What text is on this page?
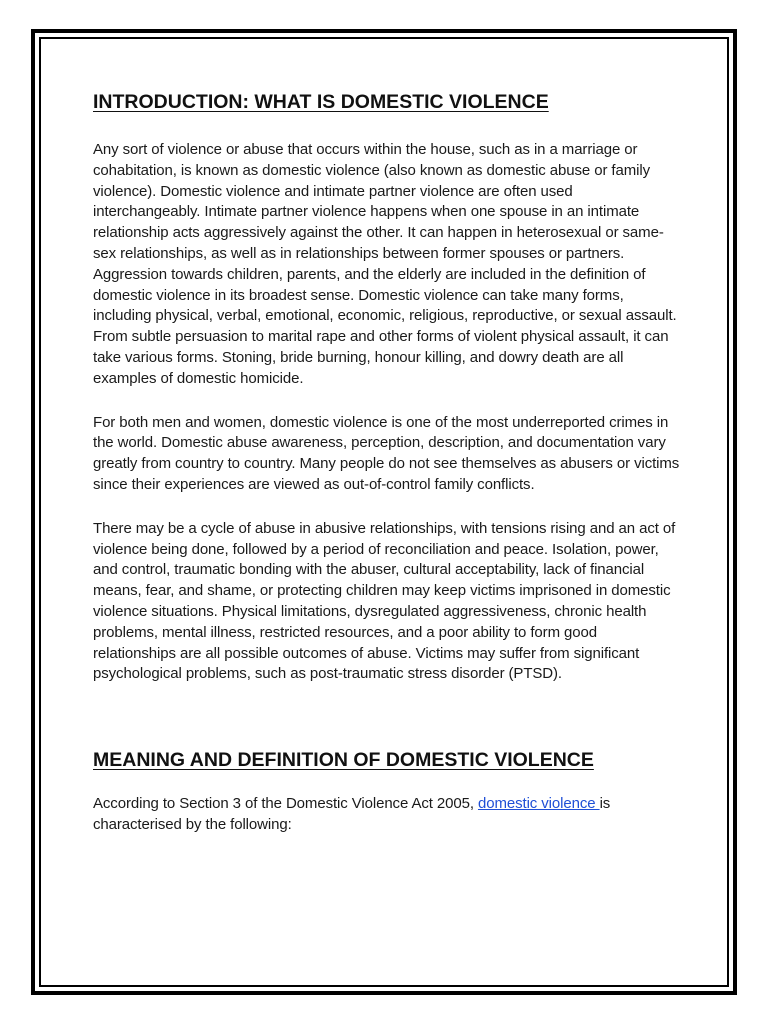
INTRODUCTION: WHAT IS DOMESTIC VIOLENCE

Any sort of violence or abuse that occurs within the house, such as in a marriage or cohabitation, is known as domestic violence (also known as domestic abuse or family violence). Domestic violence and intimate partner violence are often used interchangeably. Intimate partner violence happens when one spouse in an intimate relationship acts aggressively against the other. It can happen in heterosexual or same-sex relationships, as well as in relationships between former spouses or partners. Aggression towards children, parents, and the elderly are included in the definition of domestic violence in its broadest sense. Domestic violence can take many forms, including physical, verbal, emotional, economic, religious, reproductive, or sexual assault. From subtle persuasion to marital rape and other forms of violent physical assault, it can take various forms. Stoning, bride burning, honour killing, and dowry death are all examples of domestic homicide.

For both men and women, domestic violence is one of the most underreported crimes in the world. Domestic abuse awareness, perception, description, and documentation vary greatly from country to country. Many people do not see themselves as abusers or victims since their experiences are viewed as out-of-control family conflicts.

There may be a cycle of abuse in abusive relationships, with tensions rising and an act of violence being done, followed by a period of reconciliation and peace. Isolation, power, and control, traumatic bonding with the abuser, cultural acceptability, lack of financial means, fear, and shame, or protecting children may keep victims imprisoned in domestic violence situations. Physical limitations, dysregulated aggressiveness, chronic health problems, mental illness, restricted resources, and a poor ability to form good relationships are all possible outcomes of abuse. Victims may suffer from significant psychological problems, such as post-traumatic stress disorder (PTSD).

MEANING AND DEFINITION OF DOMESTIC VIOLENCE

According to Section 3 of the Domestic Violence Act 2005, domestic violence is characterised by the following:
